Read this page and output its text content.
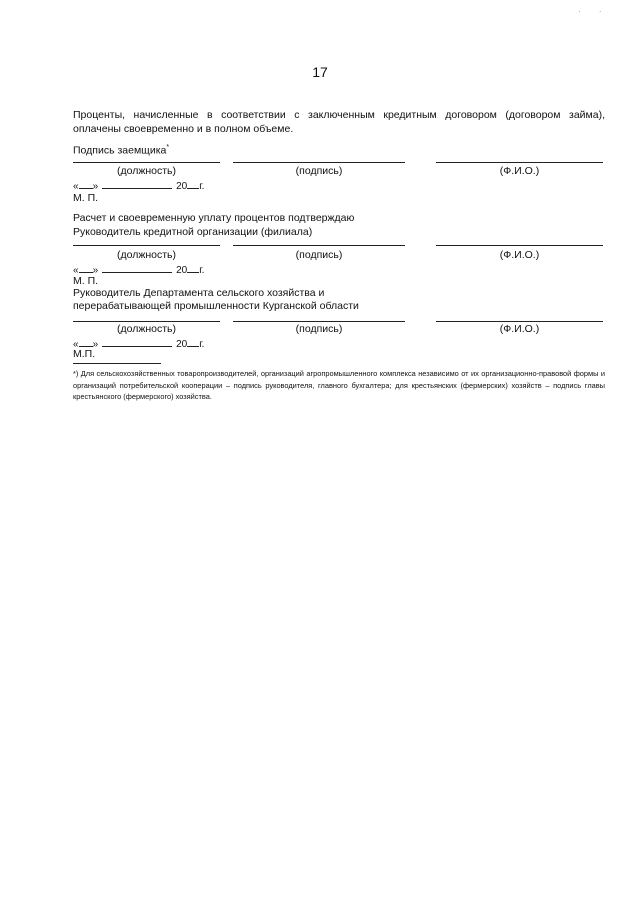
· ·
17
Проценты, начисленные в соответствии с заключенным кредитным договором (договором займа), оплачены своевременно и в полном объеме.
Подпись заемщика*
(должность)	(подпись)	(Ф.И.О.)
« »	20 г.
М. П.
Расчет и своевременную уплату процентов подтверждаю
Руководитель кредитной организации (филиала)
(должность)	(подпись)	(Ф.И.О.)
« »	20 г.
М. П.
Руководитель Департамента сельского хозяйства и
перерабатывающей промышленности Курганской области
(должность)	(подпись)	(Ф.И.О.)
« »	20 г.
М.П.
*) Для сельскохозяйственных товаропроизводителей, организаций агропромышленного комплекса независимо от их организационно-правовой формы и организаций потребительской кооперации – подпись руководителя, главного бухгалтера; для крестьянских (фермерских) хозяйств – подпись главы крестьянского (фермерского) хозяйства.
